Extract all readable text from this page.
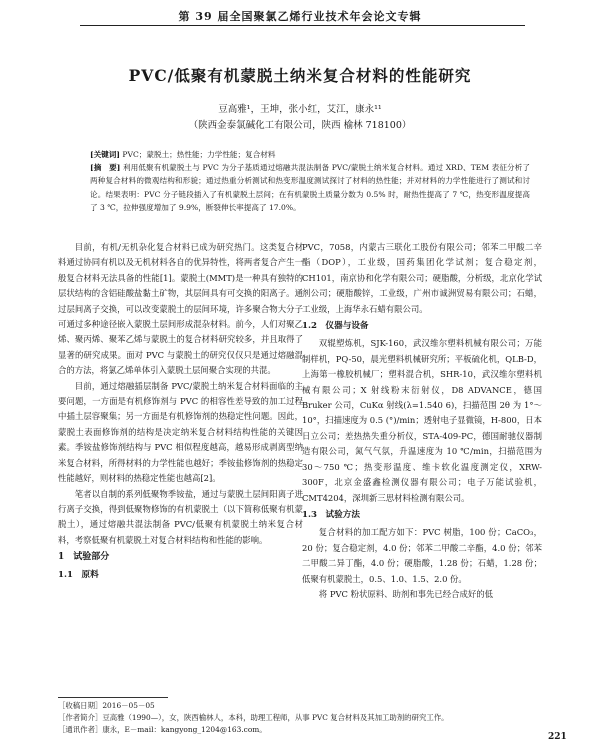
第 39 届全国聚氯乙烯行业技术年会论文专辑
PVC/低聚有机蒙脱土纳米复合材料的性能研究
豆高雅¹，王坤，张小红，艾江，康永¹¹
（陕西金泰氯碱化工有限公司，陕西 榆林 718100）

[关键词] PVC；蒙脱土；热性能；力学性能；复合材料

[摘　要] 利用低聚有机蒙脱土与 PVC 为分子基质通过熔融共混法制备 PVC/蒙脱土纳米复合材料。通过 XRD、TEM 表征分析了两种复合材料的微观结构和形貌；通过热重分析测试和热变形温度测试探讨了材料的热性能；并对材料的力学性能进行了测试和讨论。结果表明：PVC 分子链段插入了有机蒙脱土层间；在有机蒙脱土质量分数为 0.5% 时，耐热性提高了 7 ℃，热变形温度提高了 3 ℃，拉伸强度增加了 9.9%，断裂伸长率提高了 17.0%。

目前，有机/无机杂化复合材料已成为研究热门。这类复合材料通过协同有机以及无机材料各自的优异特性，将两者复合产生一般复合材料无法具备的性能[1]。蒙脱土(MMT)是一种具有独特的层状结构的含铝硅酸盐黏土矿物，其层间具有可交换的阳离子。通过层间离子交换，可以改变蒙脱土的层间环境，许多聚合物大分子可通过多种途径嵌入蒙脱土层间形成混杂材料。前今，人们对聚乙烯、聚丙烯、聚苯乙烯与蒙脱土的复合材料研究较多，并且取得了显著的研究成果。面对 PVC 与蒙脱土的研究仅仅只是通过熔融混合的方法，将氯乙烯单体引入蒙脱土层间聚合实现的共混。

目前，通过熔融插层制备 PVC/蒙脱土纳米复合材料面临的主要问题，一方面是有机修饰剂与 PVC 的相容性差导致的加工过程中插土层容聚集；另一方面是有机修饰剂的热稳定性问题。因此，蒙脱土表面修饰剂的结构是决定纳米复合材料结构性能的关键因素。季铵盐修饰剂结构与 PVC 相似程度越高，越易形成剥离型纳米复合材料，所得材料的力学性能也越好；季铵盐修饰剂的热稳定性能越好，则材料的热稳定性能也越高[2]。

笔者以自制的系列低聚物季铵盐，通过与蒙脱土层间阳离子进行离子交换，得到低聚物修饰的有机蒙脱土（以下简称低聚有机蒙脱土），通过熔融共混法制备 PVC/低聚有机蒙脱土纳米复合材料，考察低聚有机蒙脱土对复合材料结构和性能的影响。

1　试验部分

1.1　原料

PVC，7058，内蒙古三联化工股份有限公司；邻苯二甲酸二辛酯（DOP），工业级，国药集团化学试剂；复合稳定剂，CH101，南京协和化学有限公司；硬脂酸，分析级，北京化学试剂公司；硬脂酸锌，工业级，广州市诚洲贸易有限公司；石蜡，工业级，上海华永石蜡有限公司。

1.2　仪器与设备

双辊塑炼机，SJK-160，武汉维尔塑料机械有限公司；万能制样机，PQ-50，晨光塑料机械研究所；平板硫化机，QLB-D，上海第一橡胶机械厂；塑料混合机，SHR-10，武汉维尔塑料机械有限公司；X 射线粉末衍射仪，D8 ADVANCE，德国 Bruker 公司，CuKα 射线(λ=1.540 6)，扫描范围 2θ 为 1°～10°，扫描速度为 0.5 (°)/min；透射电子显微镜，H-800，日本日立公司；差热热失重分析仪，STA-409-PC，德国耐驰仪器制造有限公司，氮气气氛，升温速度为 10 ℃/min，扫描范围为 30～750 ℃；热变形温度、维卡软化温度测定仪，XRW-300F，北京金盛鑫检测仪器有限公司；电子万能试验机，CMT4204，深圳新三思材料检测有限公司。

1.3　试验方法

复合材料的加工配方如下：PVC 树脂，100 份；CaCO₃，20 份；复合稳定剂，4.0 份；邻苯二甲酸二辛酯，4.0 份；邻苯二甲酸二异丁酯，4.0 份；硬脂酸，1.28 份；石蜡，1.28 份；低聚有机蒙脱土，0.5、1.0、1.5、2.0 份。

将 PVC 粉状原料、助剂和事先已经合成好的低

［收稿日期］2016－05－05
［作者简介］豆高雅（1990—），女，陕西榆林人，本科，助理工程师，从事 PVC 复合材料及其加工助剂的研究工作。
［通讯作者］康永，E－mail：kangyong_1204@163.com。
221
